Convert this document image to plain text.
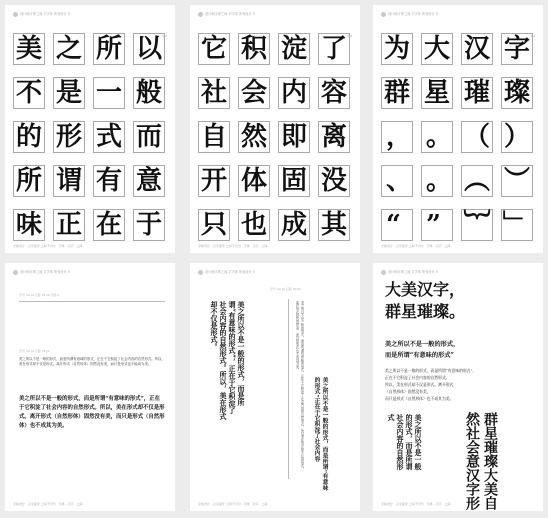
设计师字库之间 字字体 所有设计 3
1/2
美 之 所 以
不 是 一 般
的 形 式 而
所 谓 有 意
味 正 在 于
字体设计 · 汉字美学 之间不可分 · 字体 · 汉字 · 之间
设计师字库之间 字字体 所有设计 3
1/2
它 积 淀 了
社 会 内 容
自 然 即 离
开 体 固 没
只 也 成 其
字体设计 · 汉字美学 之间不可分 · 字体 · 汉字 · 之间
设计师字库之间 字字体 所有设计 3
1/2
为 大 汉 字
群 星 璀 璨
， 。 （ ）
、 。 ︵ ︶
“ ” ︸ ﹂
字体设计 · 汉字美学 之间不可分 · 字体 · 汉字 · 之间
设计师字库之间 字字体 所有设计 3
字号 16 pt 行距 24 pt 字距 0
字号 10 pt 行距 18 pt
美之所以不是一般的形式，而是所谓有意味的形式，正在于它积淀了社会内容的自然形式。所以，美在形式却不仅是形式。离开形式（自然形体）固然没有美，而只是形式也不能成为美。
美之所以不是一般的形式，而是所谓“有意味的形式”，正在于它积淀了社会内容的自然形式。所以，美在形式却不仅是形式。离开形式（自然形体）固然没有美，而只是形式（自然形体）也不成其为美。
字体设计 · 汉字美学 之间不可分 · 字体 · 汉字 · 之间
设计师字库之间 字字体 所有设计 3
字号 12 pt 行距 20 pt
美之所以不是一般的形式，而是所谓“有意味的形式”，正在于它积淀了社会内容的自然形式。所以，美在形式却不仅是形式。	美之所以不是一般的形式，而是所谓有意味的形式，正在于它积淀了社会内容的自然形式。所以美在形式却不仅是形式。离开形式固然没有美，而只是形式也不成其为美。
美之所以不是一般的形式，而是所谓“有意味的形式”正在于它积淀了社会内容
字体设计 · 汉字美学 之间不可分 · 字体 · 汉字 · 之间
设计师字库之间 字字体 所有设计 3
大美汉字，
群星璀璨。
美之所以不是一般的形式，
而是所谓“有意味的形式”
美之所以不是一般的形式，而是所谓“有意味的形式”，
正在于它积淀了社会内容的自然形式。
所以，美在形式却不仅是形式。离开形式
（自然形体）固然没有美，
而只是形式（自然形体）也不成其为美。
美之所以不是一般的形式，而是所谓社会内容的自然形式	群星璀璨大美自然社会意汉字形
字体设计 · 汉字美学 之间不可分 · 字体 · 汉字 · 之间
